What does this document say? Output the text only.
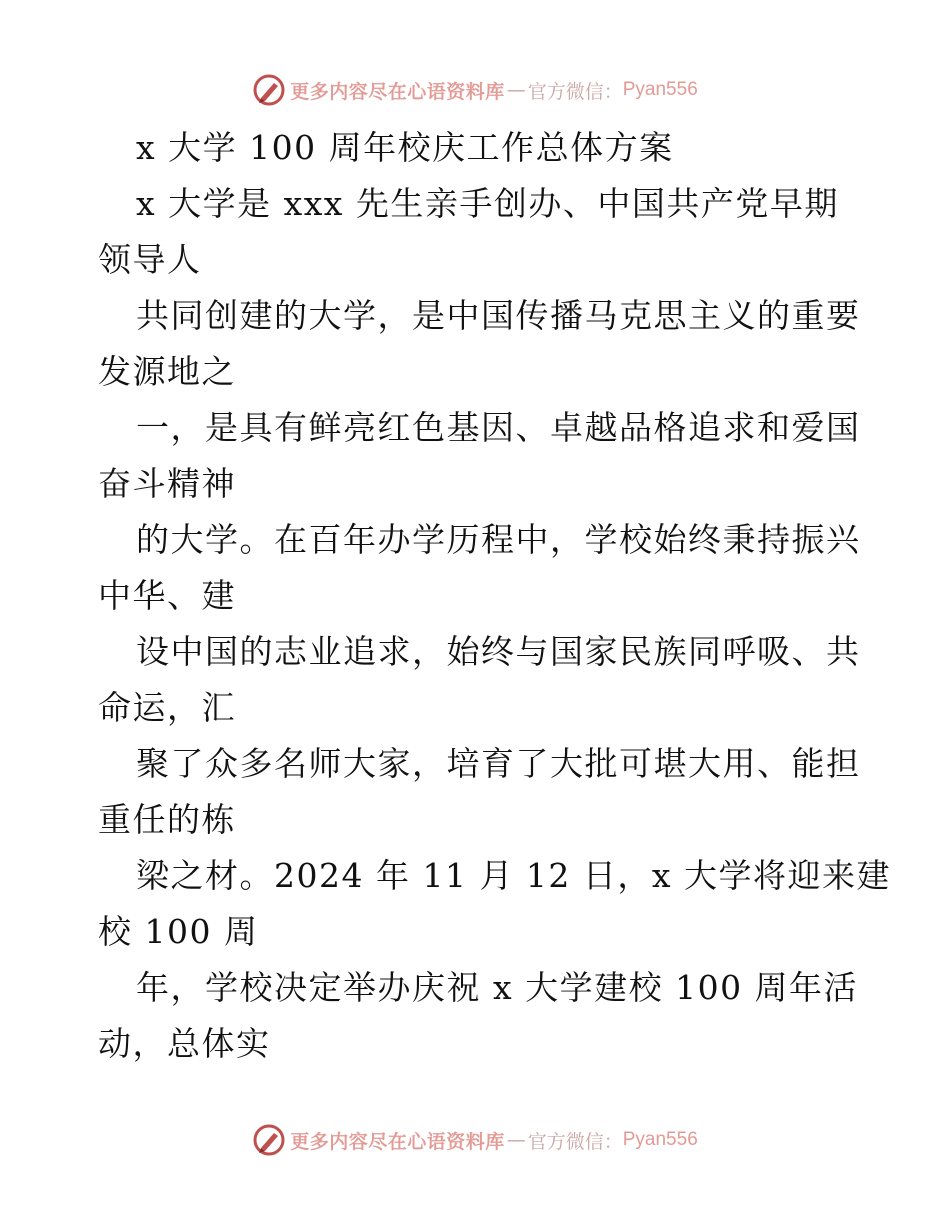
更多内容尽在心语资料库 — 官方微信： Pyan556
x 大学 100 周年校庆工作总体方案
x 大学是 xxx 先生亲手创办、中国共产党早期
领导人
共同创建的大学，是中国传播马克思主义的重要
发源地之
一，是具有鲜亮红色基因、卓越品格追求和爱国
奋斗精神
的大学。在百年办学历程中，学校始终秉持振兴
中华、建
设中国的志业追求，始终与国家民族同呼吸、共
命运，汇
聚了众多名师大家，培育了大批可堪大用、能担
重任的栋
梁之材。2024 年 11 月 12 日，x 大学将迎来建
校 100 周
年，学校决定举办庆祝 x 大学建校 100 周年活
动，总体实
更多内容尽在心语资料库 — 官方微信： Pyan556
